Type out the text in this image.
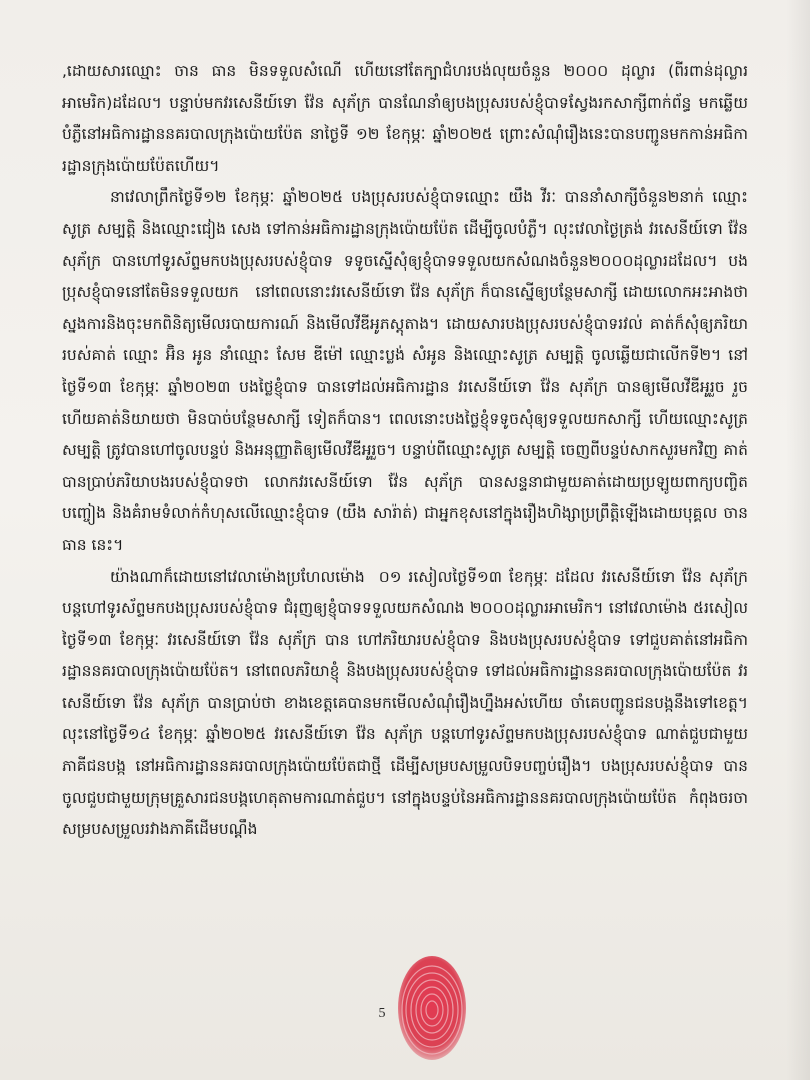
,ដោយសារឈ្មោះ ចាន ធាន មិនទទួលសំណើ ហើយនៅតែក្បាជំហរបង់លុយចំនួន ២០០០ ដុល្លារ (ពីរពាន់ដុល្លារអាមេរិក)ដដែល។ បន្ទាប់មកវរសេនីយ៍ទោ វ៉ែន សុភ័ក្រ បានណែនាំឲ្យបងប្រុសរបស់ខ្ញុំបាទស្វែងរកសាក្សីពាក់ព័ន្ធ មកឆ្លើយបំភ្លឺនៅអធិការដ្ឋាននគរបាលក្រុងប៉ោយប៉ែត នាថ្ងៃទី ១២ ខែកុម្ភៈ ឆ្នាំ២០២៥ ព្រោះសំណុំរឿងនេះបានបញ្ជូនមកកាន់អធិការដ្ឋានក្រុងប៉ោយប៉ែតហើយ។

នាវេលាព្រឹកថ្ងៃទី១២ ខែកុម្ភៈ ឆ្នាំ២០២៥ បងប្រុសរបស់ខ្ញុំបាទឈ្មោះ យឹង វីរៈ បាននាំសាក្សីចំនួន២នាក់ ឈ្មោះ សូត្រ សម្បត្តិ និងឈ្មោះជៀង សេង ទៅកាន់អធិការដ្ឋានក្រុងប៉ោយប៉ែត ដើម្បីចូលបំភ្លឺ។ លុះវេលាថ្ងៃត្រង់ វរសេនីយ៍ទោ វ៉ែន សុភ័ក្រ បានហៅទូរស័ព្ទមកបងប្រុសរបស់ខ្ញុំបាទ ទទូចស្នើសុំឲ្យខ្ញុំបាទទទួលយកសំណងចំនួន២០០០ដុល្លារដដែល។ បងប្រុសខ្ញុំបាទនៅតែមិនទទួលយក   នៅពេលនោះវរសេនីយ៍ទោ វ៉ែន សុភ័ក្រ ក៏បានស្នើឲ្យបន្ថែមសាក្សី ដោយលោកអះអាងថា ស្នងការនិងចុះមកពិនិត្យមើលរបាយការណ៍ និងមើលវីឌីអូភស្តុតាង។ ដោយសារបងប្រុសរបស់ខ្ញុំបាទរវល់ គាត់ក៏សុំឲ្យភរិយារបស់គាត់ ឈ្មោះ អ៊ិន អូន នាំឈ្មោះ សែម ឌីម៉ៅ ឈ្មោះប្លង់ សំអូន និងឈ្មោះសូត្រ សម្បត្តិ ចូលឆ្លើយជាលើកទី២។ នៅថ្ងៃទី១៣ ខែកុម្ភៈ ឆ្នាំ២០២៣ បងថ្លៃខ្ញុំបាទ បានទៅដល់អធិការដ្ឋាន វរសេនីយ៍ទោ វ៉ែន សុភ័ក្រ បានឲ្យមើលវីឌីអូរួច រួចហើយគាត់និយាយថា មិនបាច់បន្ថែមសាក្សី ទៀតក៏បាន។ ពេលនោះបងថ្លៃខ្ញុំទទូចសុំឲ្យទទួលយកសាក្សី ហើយឈ្មោះសូត្រ សម្បត្តិ ត្រូវបានហៅចូលបន្ទប់ និងអនុញ្ញាតិឲ្យមើលវីឌីអូរួច។ បន្ទាប់ពីឈ្មោះសូត្រ សម្បត្តិ ចេញពីបន្ទប់សាកសួរមកវិញ គាត់បានប្រាប់ភរិយាបងរបស់ខ្ញុំបាទថា លោកវរសេនីយ៍ទោ វ៉ែន សុភ័ក្រ បានសន្ទនាជាមួយគាត់ដោយប្រឡូយពាក្យបញ្ចិតបញ្ចៀង និងគំរាមទំលាក់កំហុសលើឈ្មោះខ្ញុំបាទ (យឹង សារ៉ាត់) ជាអ្នកខុសនៅក្នុងរឿងហិង្សាប្រព្រឹត្តិឡើងដោយបុគ្គល ចាន ធាន នេះ។

យ៉ាងណាក៏ដោយនៅវេលាម៉ោងប្រហែលម៉ោង  ០១ រសៀលថ្ងៃទី១៣ ខែកុម្ភៈ ដដែល វរសេនីយ៍ទោ វ៉ែន សុភ័ក្រ បន្តហៅទូរស័ព្ទមកបងប្រុសរបស់ខ្ញុំបាទ ជំរុញឲ្យខ្ញុំបាទទទួលយកសំណង ២០០០ដុល្លារអាមេរិក។ នៅវេលាម៉ោង ៥រសៀលថ្ងៃទី១៣ ខែកុម្ភៈ វរសេនីយ៍ទោ វ៉ែន សុភ័ក្រ បាន ហៅភរិយារបស់ខ្ញុំបាទ និងបងប្រុសរបស់ខ្ញុំបាទ ទៅជួបគាត់នៅអធិការដ្ឋាននគរបាលក្រុងប៉ោយប៉ែត។ នៅពេលភរិយាខ្ញុំ និងបងប្រុសរបស់ខ្ញុំបាទ ទៅដល់អធិការដ្ឋាននគរបាលក្រុងប៉ោយប៉ែត វរសេនីយ៍ទោ វ៉ែន សុភ័ក្រ បានប្រាប់ថា ខាងខេត្តគេបានមកមើលសំណុំរឿងហ្នឹងអស់ហើយ ចាំគេបញ្ជូនជនបង្កនឹងទៅខេត្ត។ លុះនៅថ្ងៃទី១៤ ខែកុម្ភៈ ឆ្នាំ២០២៥ វរសេនីយ៍ទោ វ៉ែន សុភ័ក្រ បន្តហៅទូរស័ព្ទមកបងប្រុសរបស់ខ្ញុំបាទ ណាត់ជួបជាមួយភាគីជនបង្ក នៅអធិការដ្ឋាននគរបាលក្រុងប៉ោយប៉ែតជាថ្មី ដើម្បីសម្របសម្រួលបិទបញ្ចប់រឿង។ បងប្រុសរបស់ខ្ញុំបាទ បានចូលជួបជាមួយក្រុមគ្រួសារជនបង្កហេតុតាមការណាត់ជួប។ នៅក្នុងបន្ទប់នៃអធិការដ្ឋាននគរបាលក្រុងប៉ោយប៉ែត  កំពុងចរចាសម្របសម្រួលរវាងភាគីដើមបណ្ដឹង

5
